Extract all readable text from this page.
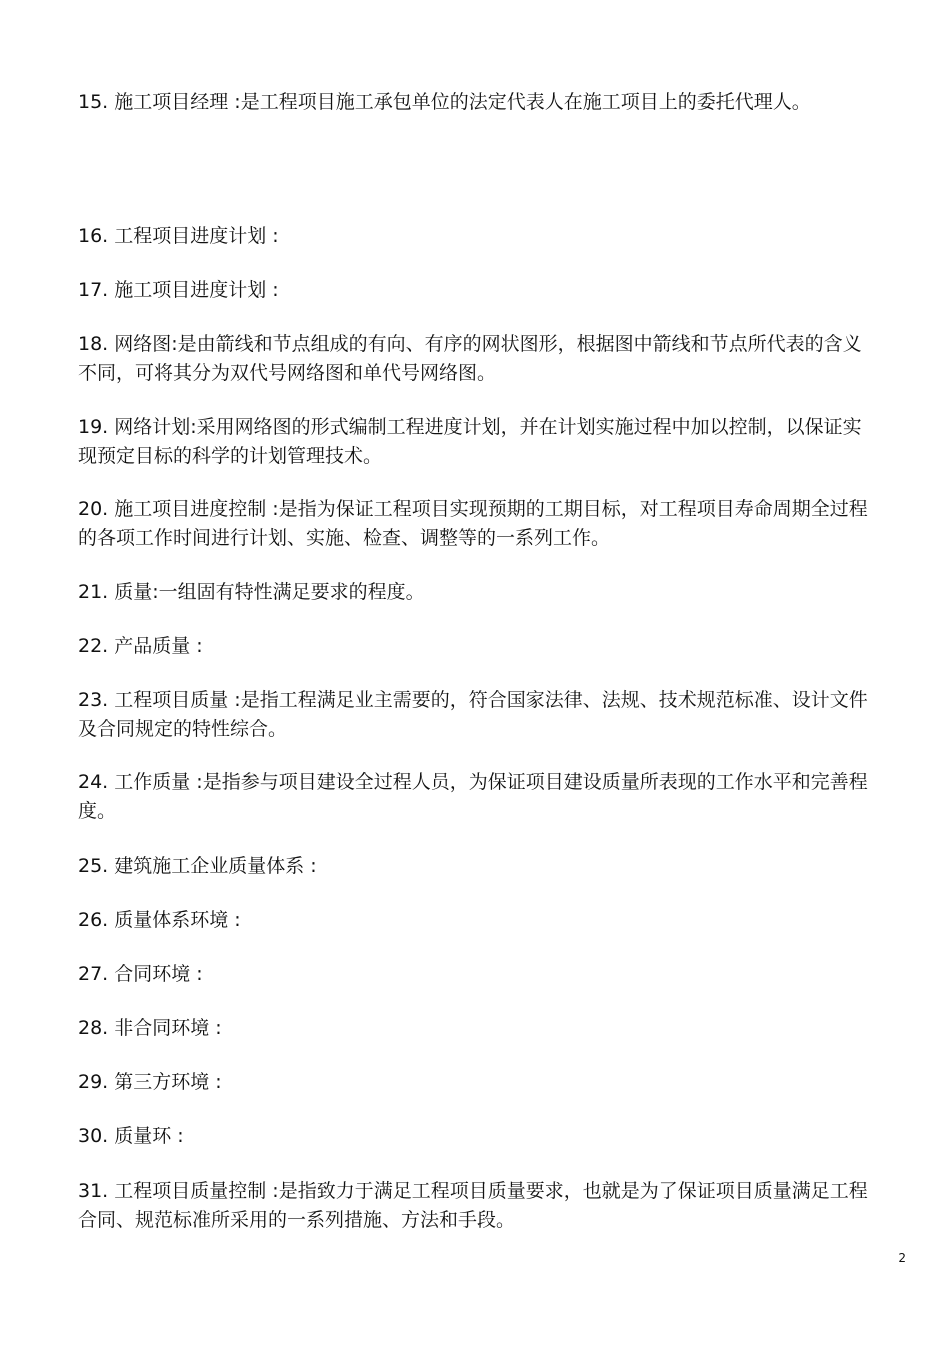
15. 施工项目经理 :是工程项目施工承包单位的法定代表人在施工项目上的委托代理人。

16. 工程项目进度计划 :

17. 施工项目进度计划 :

18. 网络图:是由箭线和节点组成的有向、有序的网状图形，根据图中箭线和节点所代表的含义不同，可将其分为双代号网络图和单代号网络图。

19. 网络计划:采用网络图的形式编制工程进度计划，并在计划实施过程中加以控制，以保证实现预定目标的科学的计划管理技术。

20. 施工项目进度控制 :是指为保证工程项目实现预期的工期目标，对工程项目寿命周期全过程的各项工作时间进行计划、实施、检查、调整等的一系列工作。

21. 质量:一组固有特性满足要求的程度。

22. 产品质量 :

23. 工程项目质量 :是指工程满足业主需要的，符合国家法律、法规、技术规范标准、设计文件及合同规定的特性综合。

24. 工作质量 :是指参与项目建设全过程人员，为保证项目建设质量所表现的工作水平和完善程度。

25. 建筑施工企业质量体系 :

26. 质量体系环境 :

27. 合同环境 :

28. 非合同环境 :

29. 第三方环境 :

30. 质量环 :

31. 工程项目质量控制 :是指致力于满足工程项目质量要求，也就是为了保证项目质量满足工程合同、规范标准所采用的一系列措施、方法和手段。

2
